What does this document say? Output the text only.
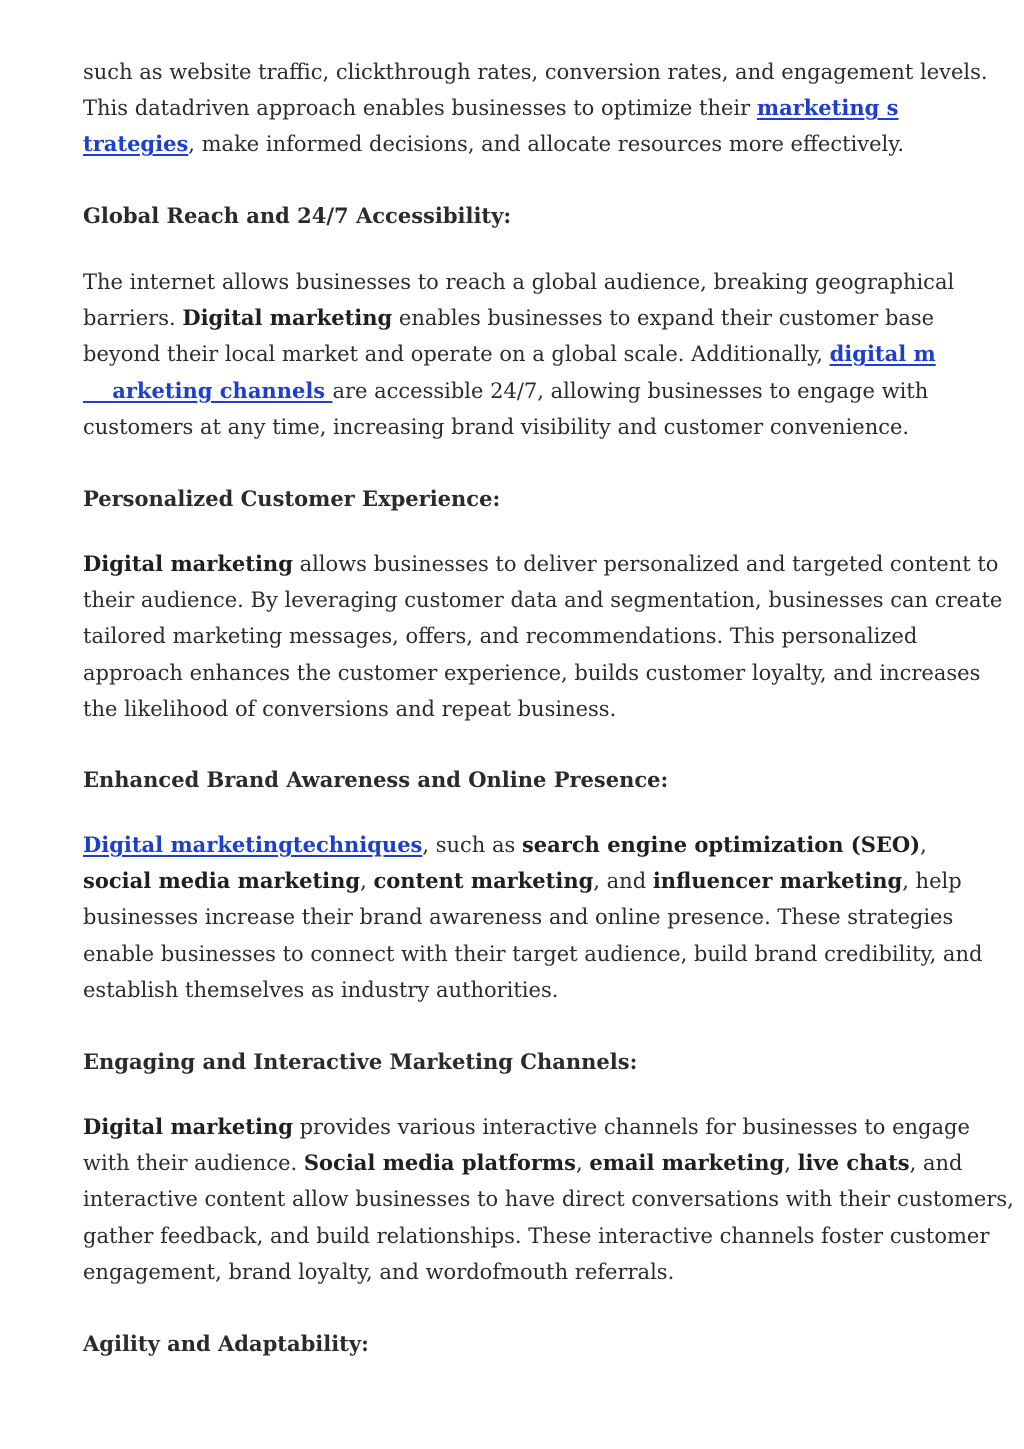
such as website traffic, clickthrough rates, conversion rates, and engagement levels.
This datadriven approach enables businesses to optimize their marketing s
trategies, make informed decisions, and allocate resources more effectively.
Global Reach and 24/7 Accessibility:
The internet allows businesses to reach a global audience, breaking geographical
barriers. Digital marketing enables businesses to expand their customer base
beyond their local market and operate on a global scale. Additionally, digital m
arketing channels are accessible 24/7, allowing businesses to engage with
customers at any time, increasing brand visibility and customer convenience.
Personalized Customer Experience:
Digital marketing allows businesses to deliver personalized and targeted content to
their audience. By leveraging customer data and segmentation, businesses can create
tailored marketing messages, offers, and recommendations. This personalized
approach enhances the customer experience, builds customer loyalty, and increases
the likelihood of conversions and repeat business.
Enhanced Brand Awareness and Online Presence:
Digital marketingtechniques, such as search engine optimization (SEO),
social media marketing, content marketing, and influencer marketing, help
businesses increase their brand awareness and online presence. These strategies
enable businesses to connect with their target audience, build brand credibility, and
establish themselves as industry authorities.
Engaging and Interactive Marketing Channels:
Digital marketing provides various interactive channels for businesses to engage
with their audience. Social media platforms, email marketing, live chats, and
interactive content allow businesses to have direct conversations with their customers,
gather feedback, and build relationships. These interactive channels foster customer
engagement, brand loyalty, and wordofmouth referrals.
Agility and Adaptability:
